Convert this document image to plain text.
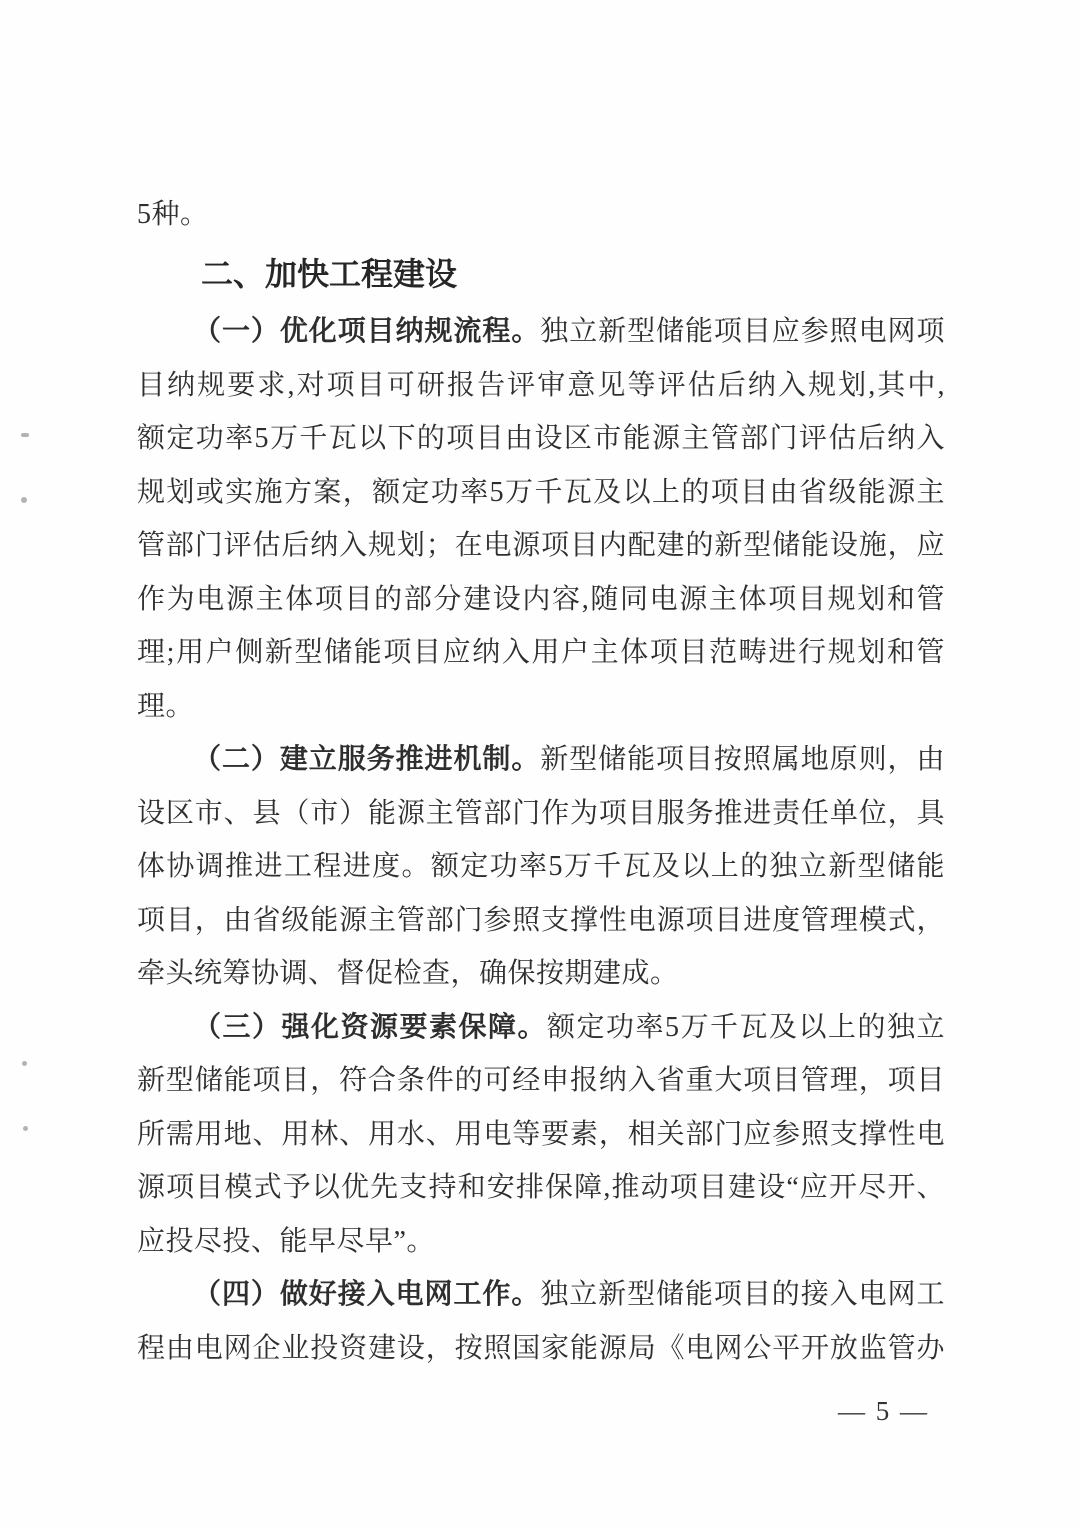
5种。
二、加快工程建设
（一）优化项目纳规流程。独立新型储能项目应参照电网项
目纳规要求,对项目可研报告评审意见等评估后纳入规划,其中,
额定功率5万千瓦以下的项目由设区市能源主管部门评估后纳入
规划或实施方案，额定功率5万千瓦及以上的项目由省级能源主
管部门评估后纳入规划；在电源项目内配建的新型储能设施，应
作为电源主体项目的部分建设内容,随同电源主体项目规划和管
理;用户侧新型储能项目应纳入用户主体项目范畴进行规划和管
理。
（二）建立服务推进机制。新型储能项目按照属地原则，由
设区市、县（市）能源主管部门作为项目服务推进责任单位，具
体协调推进工程进度。额定功率5万千瓦及以上的独立新型储能
项目，由省级能源主管部门参照支撑性电源项目进度管理模式，
牵头统筹协调、督促检查，确保按期建成。
（三）强化资源要素保障。额定功率5万千瓦及以上的独立
新型储能项目，符合条件的可经申报纳入省重大项目管理，项目
所需用地、用林、用水、用电等要素，相关部门应参照支撑性电
源项目模式予以优先支持和安排保障,推动项目建设“应开尽开、
应投尽投、能早尽早”。
（四）做好接入电网工作。独立新型储能项目的接入电网工
程由电网企业投资建设，按照国家能源局《电网公平开放监管办
— 5 —
